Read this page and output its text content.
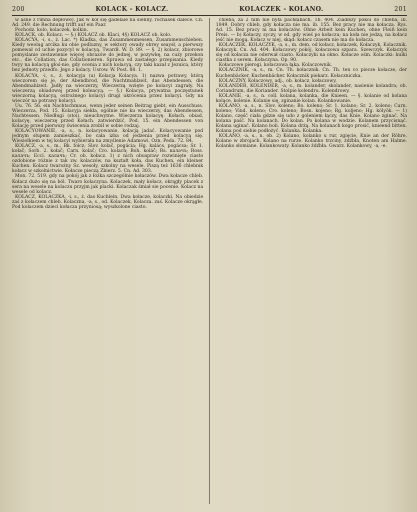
200	KOLACK - KOLACZ.	KOLACZEK - KOLANO.	201

w aśne z rimna depłowe). Jak w kół się gadelaie na sienny, rochasek daleće. Cn. Ad. 249. die Rechnung trifft auf ein Paar.

Pochodz. kolo, kolaczek, kolkin.

KOLACK, ob. Kolacz. — §.) KOLACZ ob. Klaci, 4§) KOLACZ ob. kolo.

KOLACYA, -i, s., ż. Lac. *) Kladka, das Zusammenmessen, Zusammenschieben. Kiedy weolug arcika ku obie podluzny, w sektory owady obrey seaysł, a pierwszy pomewał cd uchie pozycyl w kolacyą. Twardł. W. D. 89. — §. 2) kolacz, zbiorowe pomyslanie zestawienie więcej obrazów do jednej, w pozywkę, na cuży przekon etc., die Collation, das Collationieren. Sprawa od zastałego przepisania. Kiedy twyy na kolacyą głoś-nie, gdy ocenia z nich kolacyą, czy taki kazał z Jezuica, który bez jednoty przedfo. Jego z kolacy. Usrow. W. Post. 88. 1.

KOLACYA, -i, s., ż. kolacyja (u) Kolacja Kolacya. 1) nazwa potrawy, którą wieczorem się je, der Abendbrod, die Nachtmahlzeit, das Abendessen, die Abendmahlzeit. Jadły na wieczerzy, Wieczerzą wzięte po kolacyi zagrały. Na wieczerzą obiadowej przed koleacyą. — §.) Kolacya, prywatna poczęstunek wieczorną kolacyą, ostrożnego kolacyi drugi ukrócenia przez kolacyi. Gdy na wieczór na potrawy kolacyi.

Uu. 76. 56. ein Nachtschmaus, wenn jeder seinen Beitrag giebt, ein Ausschuss. Wieczerza, Pod. 15. Kolacyja siekła, ogólnie nie ku wieczerzy, das Abendessen, Nachtessen. Niedługi (stoi). nieuchwytne. Wieczerza kolacyę. Kołach. obiad, kolacyę, wieczerzę przed Kołach. zatwierdzić, Pod. 15. ein Abendessen von Kolację przed pierwszy świecenia zrobił w sobie rodzaj.

KOLACYOWANIE, -a, s., n. kolacyowanie, kolacją jadać. Kolacyowanie pod jednym słupem zamieszkać, bo cała izba od jedzenia przed kolacyą się. Wiesiołkiem w tej kolacyi wybierała na zmyślenie Adamowi. Ozn. Peda. 72. 84.

KOLACZ, -a, s., m., Bk. folcz; Slov. kolač, pogácia; Hg. kalács, pogácsa; Sr. 1. kołač; Sorb. 2. kołač; Carn. kolač; Cro. kolach; Boh. koláč; Rs. калачъ; Ross. калачъ; Eccl. калачъ; Cr. ob. kołacz. 1) z nich obuspraw rozwinięte ciasto ozdobione różnie z tak zw. kolaczów, na kształt koła, das Kuchen, ein kleiner Kuchen. Kolacz twarożny Sz. wesoły, szkolny na wesele. Piszą też 1636 chlebnik kołacz w szkolnictwie. Kołacze pieczą Zbierz. 5. Cn. Ad. 303.

Mon. 72. 519. gdy na pokój jak z łóżka szczególnie kołaczów. Dwa kołacze chleb. Kołacz dużo się na ból. Twaro kolaczyna. Kolaczek, mały kołacz, okrągły placek z sera na wesele na kolaczu przyjm jak placki. Kolaczak śmiał sie pocenie. Kolacz na wesele od kolacz.

KOLACZ, KOLACZKA, -i, s., ż. das Kuchlein. Dwa kołacze, kolaczki. Na obiedzie zaś z kołaczem chleb. Kolaczna, -a, s., od. Kolaczek, Kolacza. zaś. Kolacze okrągłe. Pod kolaczem dzieci kołacza przyniosą; wyszkolone ciasto.

chleba, za 2 nim nie była pachłabach. 1b. 404. Ziadłszy pokoi do chleba, ib. 1849. Dobry chleb, gdy kołacza nie ma. ib. 155. Bez pracy nie ma kołacza. Rys. Ad. 15. Bez pracy ni ma kołaczów. Ohne Arbeit kein Kuchen, ohne Fleiß kein Preis. — b) Kołaczy, syczy, w od. gdy wieś po kołaczu; na koła nie jedzą, na kołacz jeść nie mogą. Kołacz w niej, skąd: kołacz czasem nie ma do kołacza.

KOLACZEK, KOLACZYK, -a, s., m. dem. od kołacz, kołaczek, Kołaczyk, Kolacznik. Kołaczyk. Cn. Ad. 404. Kołaczowy pokój, kołaczowa szpara. Szewczyk. Kołaczyk się od kołacza nie oderwał ciasto. Kołaczyki na okno. Kołacze ośm. Kolaczki: kulki ciastka z serem. Kołaczyna. Op. 90.

Kołaczowe pierogi, kołaczowa łąka. Kolaczownik.

KOLACZNIK, -a, s., m. Cn. Th. kołacznik. Cn. Th. ten co piecze kołacze, der Kuchenbäcker, Kuchenbäcker. Kołacznik piekarz. Kołaczniczka.

KOLACZNY, Kołaczowy, adj., ob. kołacz, kołaczowy.

KOLANDER, KOLENDER, -a, s., m. kolander, skolander, nasienie kolandra; ob. Coriandrum, die Koriander. Stolpie kolendru. Kolendrowy.

KOLANIE, -a, s., n. coll. kolana, kolanka, die Knieen. — §. kolanie od kolana kolące, kolenie. Kolanie się, zginanie kolan. Kolankowanie.

KOLANO, -a, s., n. Slov. koleno; Bo. koleno; Sr. 1. kolano; Sr. 2. koleno; Carn. koleno; Vind. koleno; Cro. koleno; Bosn. kojeno; Rg. koljeno; Hg. kölyök. — 1) Kolano, część ciała gdzie się udo z goleniem łączy, das Knie. Kolano zginać. Na kolana paść. Na kolanach. Do kolan. Po kolana w wodzie. Kolanem przycisnąć. Kolana uginać. Kolano boli. Kolana drżą. Na kolanach kogo prosić, knieend bitten. Kolana pod siebie podłożyć. Kolanka. Kolanka.

KOLANO, -a, s., n. ob. 2) Kolano, kolanko u rur, zgięcie, Knie an der Röhre. Kolano w zbrojach. Kolano na rurze. Kolanko trzciny, źdźbła, Knoten am Halme. Kolanko słomiane. Kolankowaty. Kolanko źdźbła. Gwarz. Kolankowy, -a, -e.
